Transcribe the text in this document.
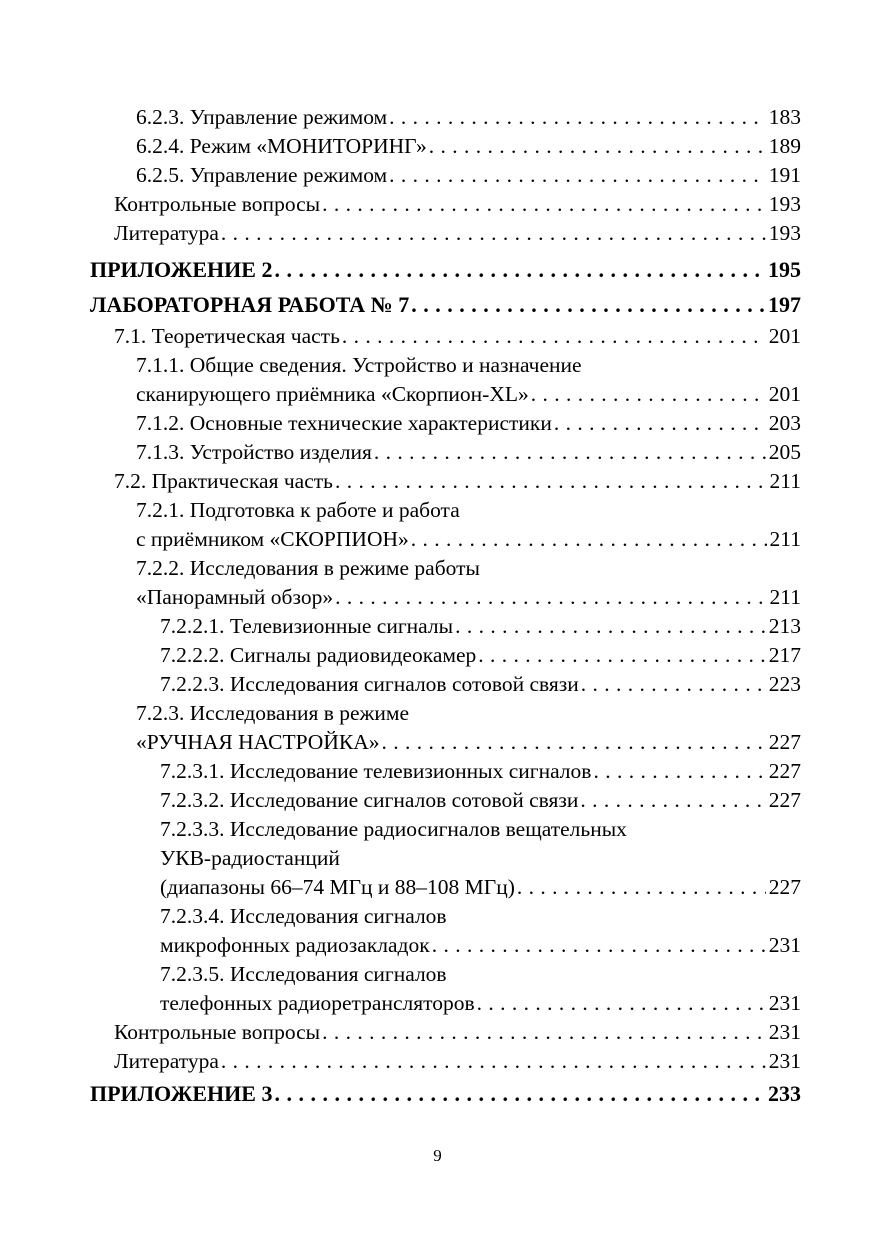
6.2.3. Управление режимом . . .	183
6.2.4. Режим «МОНИТОРИНГ» . . .	189
6.2.5. Управление режимом . . .	191
Контрольные вопросы . . .	193
Литература . . .	193
ПРИЛОЖЕНИЕ 2 . . .	195
ЛАБОРАТОРНАЯ РАБОТА № 7 . . .	197
7.1. Теоретическая часть . . .	201
7.1.1. Общие сведения. Устройство и назначение
сканирующего приёмника «Скорпион-XL» . . .	201
7.1.2. Основные технические характеристики . . .	203
7.1.3. Устройство изделия . . .	205
7.2. Практическая часть . . .	211
7.2.1. Подготовка к работе и работа
с приёмником «СКОРПИОН» . . .	211
7.2.2. Исследования в режиме работы
«Панорамный обзор» . . .	211
7.2.2.1. Телевизионные сигналы . . .	213
7.2.2.2. Сигналы радиовидеокамер . . .	217
7.2.2.3. Исследования сигналов сотовой связи . . .	223
7.2.3. Исследования в режиме
«РУЧНАЯ НАСТРОЙКА» . . .	227
7.2.3.1. Исследование телевизионных сигналов . . .	227
7.2.3.2. Исследование сигналов сотовой связи . . .	227
7.2.3.3. Исследование радиосигналов вещательных
УКВ-радиостанций
(диапазоны 66–74 МГц и 88–108 МГц) . . .	227
7.2.3.4. Исследования сигналов
микрофонных радиозакладок . . .	231
7.2.3.5. Исследования сигналов
телефонных радиоретрансляторов . . .	231
Контрольные вопросы . . .	231
Литература . . .	231
ПРИЛОЖЕНИЕ 3 . . .	233
9
